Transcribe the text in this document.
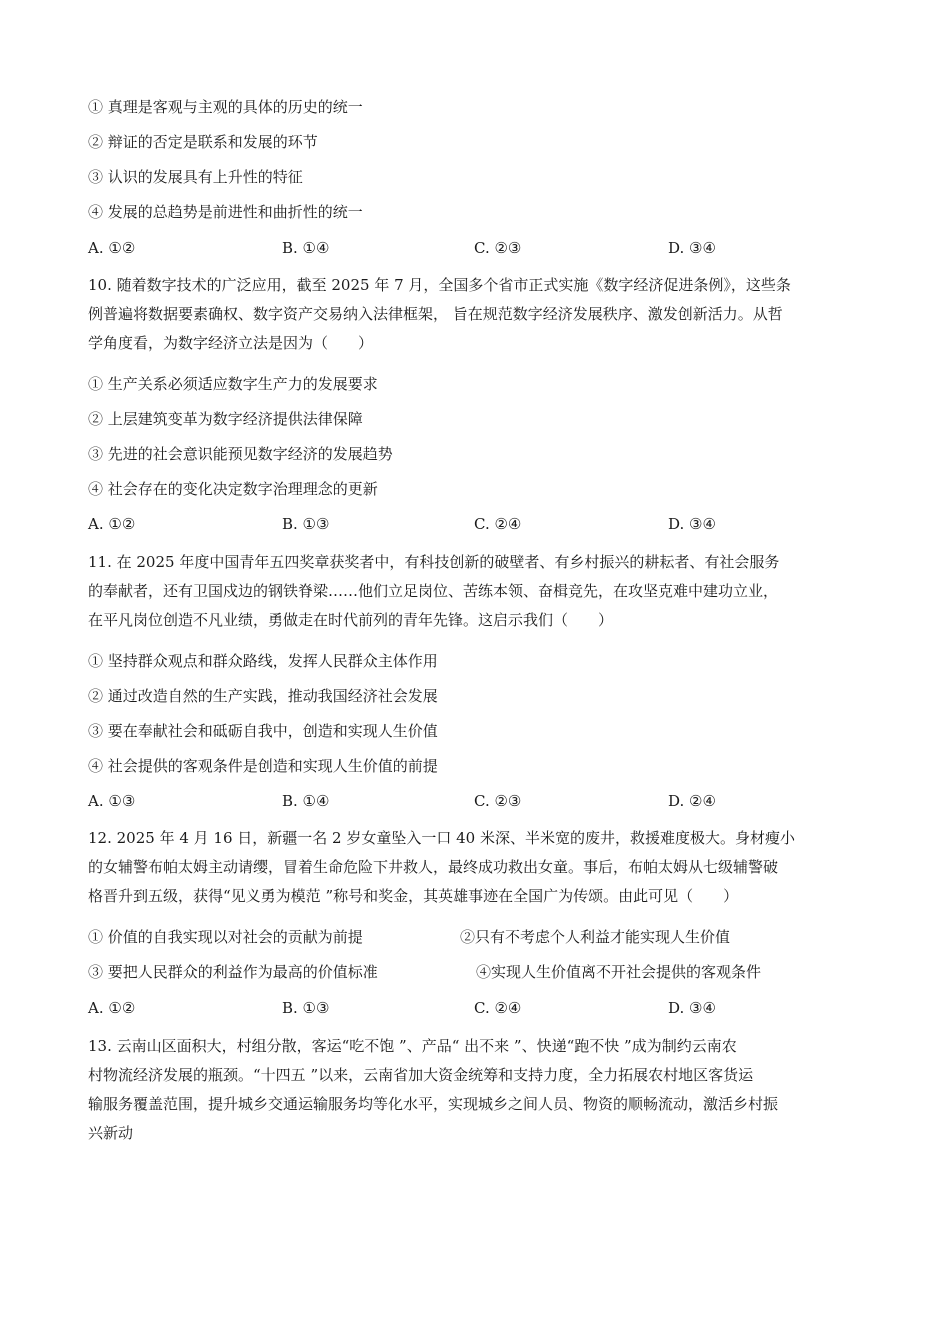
① 真理是客观与主观的具体的历史的统一
② 辩证的否定是联系和发展的环节
③ 认识的发展具有上升性的特征
④ 发展的总趋势是前进性和曲折性的统一
A. ①②	B. ①④	C. ②③	D. ③④
10. 随着数字技术的广泛应用，截至 2025 年 7 月，全国多个省市正式实施《数字经济促进条例》，这些条
例普遍将数据要素确权、数字资产交易纳入法律框架， 旨在规范数字经济发展秩序、激发创新活力。从哲
学角度看，为数字经济立法是因为（　　）
① 生产关系必须适应数字生产力的发展要求
② 上层建筑变革为数字经济提供法律保障
③ 先进的社会意识能预见数字经济的发展趋势
④ 社会存在的变化决定数字治理理念的更新
A. ①②	B. ①③	C. ②④	D. ③④
11. 在 2025 年度中国青年五四奖章获奖者中，有科技创新的破壁者、有乡村振兴的耕耘者、有社会服务
的奉献者，还有卫国戍边的钢铁脊梁……他们立足岗位、苦练本领、奋楫竞先，在攻坚克难中建功立业，
在平凡岗位创造不凡业绩，勇做走在时代前列的青年先锋。这启示我们（　　）
① 坚持群众观点和群众路线，发挥人民群众主体作用
② 通过改造自然的生产实践，推动我国经济社会发展
③ 要在奉献社会和砥砺自我中，创造和实现人生价值
④ 社会提供的客观条件是创造和实现人生价值的前提
A. ①③	B. ①④	C. ②③	D. ②④
12. 2025 年 4 月 16 日，新疆一名 2 岁女童坠入一口 40 米深、半米宽的废井，救援难度极大。身材瘦小
的女辅警布帕太姆主动请缨，冒着生命危险下井救人，最终成功救出女童。事后，布帕太姆从七级辅警破
格晋升到五级，获得“见义勇为模范 ”称号和奖金，其英雄事迹在全国广为传颂。由此可见（　　）
① 价值的自我实现以对社会的贡献为前提	②只有不考虑个人利益才能实现人生价值
③ 要把人民群众的利益作为最高的价值标准	④实现人生价值离不开社会提供的客观条件
A. ①②	B. ①③	C. ②④	D. ③④
13. 云南山区面积大，村组分散，客运“吃不饱 ”、产品“ 出不来 ”、快递“跑不快 ”成为制约云南农
村物流经济发展的瓶颈。“十四五 ”以来，云南省加大资金统筹和支持力度，全力拓展农村地区客货运
输服务覆盖范围，提升城乡交通运输服务均等化水平，实现城乡之间人员、物资的顺畅流动，激活乡村振
兴新动
